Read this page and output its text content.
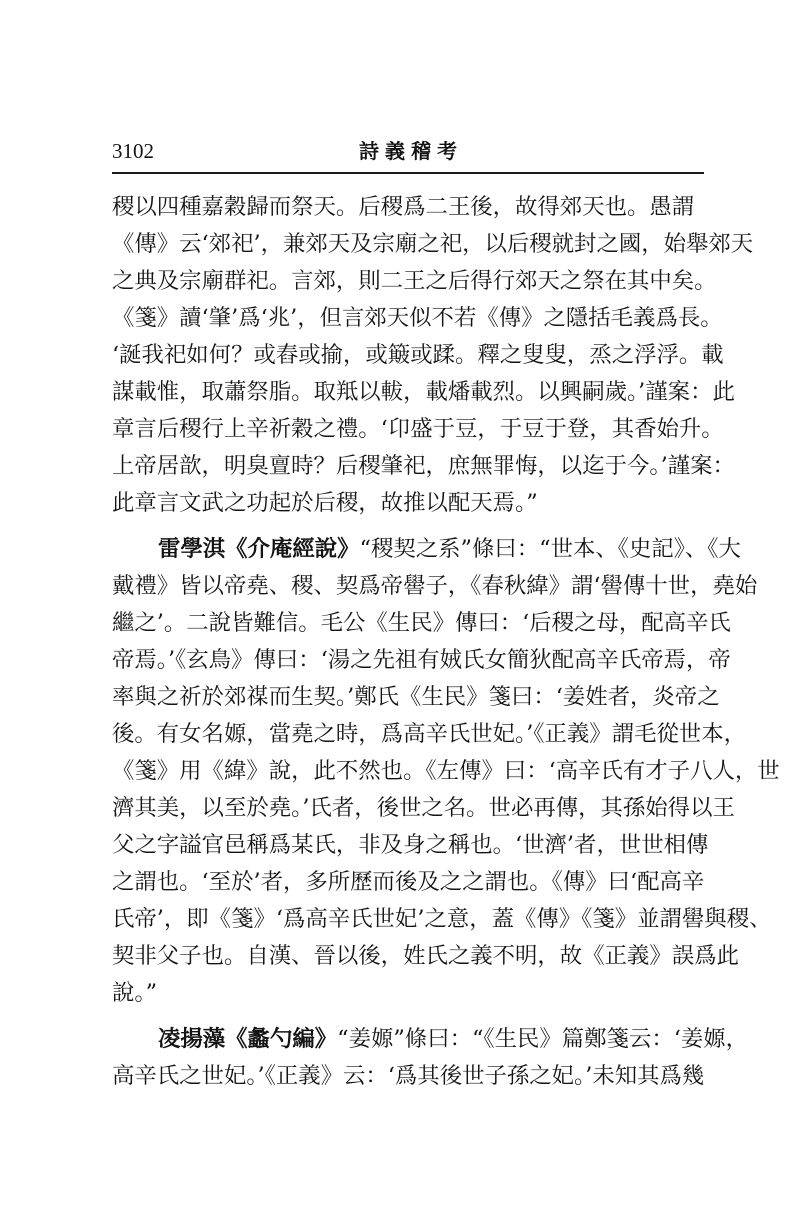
3102	詩義稽考
稷以四種嘉穀歸而祭天。后稷爲二王後，故得郊天也。愚謂
《傳》云‘郊祀’，兼郊天及宗廟之祀，以后稷就封之國，始舉郊天
之典及宗廟群祀。言郊，則二王之后得行郊天之祭在其中矣。
《箋》讀‘肇’爲‘兆’，但言郊天似不若《傳》之隱括毛義爲長。
‘誕我祀如何？或舂或揄，或簸或蹂。釋之叟叟，烝之浮浮。載
謀載惟，取蕭祭脂。取羝以軷，載燔載烈。以興嗣歲。’謹案：此
章言后稷行上辛祈穀之禮。‘卬盛于豆，于豆于登，其香始升。
上帝居歆，明臭亶時？后稷肇祀，庶無罪悔，以迄于今。’謹案：
此章言文武之功起於后稷，故推以配天焉。”
雷學淇《介庵經說》“稷契之系”條曰：“世本、《史記》、《大
戴禮》皆以帝堯、稷、契爲帝嚳子，《春秋緯》謂‘嚳傳十世，堯始
繼之’。二說皆難信。毛公《生民》傳曰：‘后稷之母，配高辛氏
帝焉。’《玄鳥》傳曰：‘湯之先祖有娀氏女簡狄配高辛氏帝焉，帝
率與之祈於郊禖而生契。’鄭氏《生民》箋曰：‘姜姓者，炎帝之
後。有女名嫄，當堯之時，爲高辛氏世妃。’《正義》謂毛從世本，
《箋》用《緯》說，此不然也。《左傳》曰：‘高辛氏有才子八人，世
濟其美，以至於堯。’氏者，後世之名。世必再傳，其孫始得以王
父之字謚官邑稱爲某氏，非及身之稱也。‘世濟’者，世世相傳
之謂也。‘至於’者，多所歷而後及之之謂也。《傳》曰‘配高辛
氏帝’，即《箋》‘爲高辛氏世妃’之意，蓋《傳》《箋》並謂嚳與稷、
契非父子也。自漢、晉以後，姓氏之義不明，故《正義》誤爲此
說。”
凌揚藻《蠡勺編》“姜嫄”條曰：“《生民》篇鄭箋云：‘姜嫄，
高辛氏之世妃。’《正義》云：‘爲其後世子孫之妃。’未知其爲幾
